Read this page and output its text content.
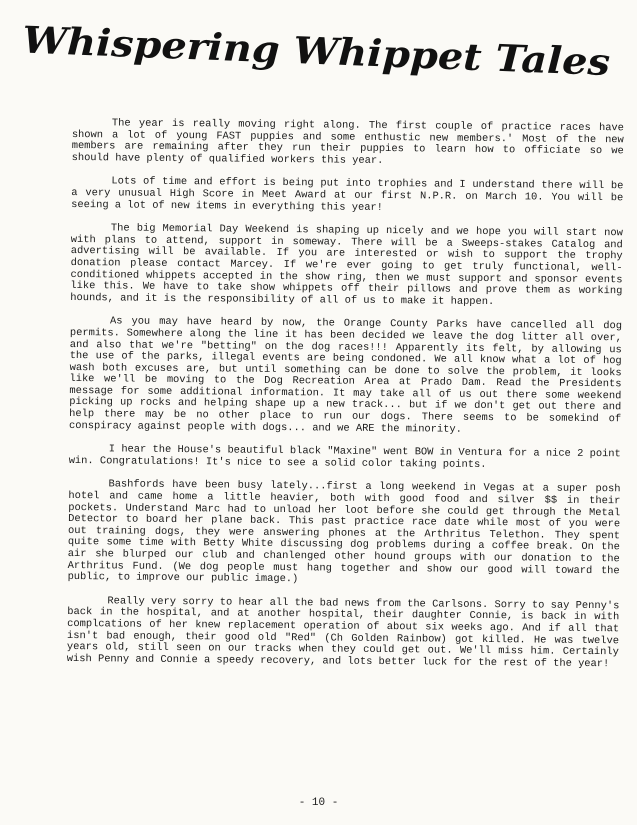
Whispering Whippet Tales

The year is really moving right along. The first couple of practice races have shown a lot of young FAST puppies and some enthustic new members.' Most of the new members are remaining after they run their puppies to learn how to officiate so we should have plenty of qualified workers this year.

Lots of time and effort is being put into trophies and I understand there will be a very unusual High Score in Meet Award at our first N.P.R. on March 10. You will be seeing a lot of new items in everything this year!

The big Memorial Day Weekend is shaping up nicely and we hope you will start now with plans to attend, support in someway. There will be a Sweeps-stakes Catalog and advertising will be available. If you are interested or wish to support the trophy donation please contact Marcey. If we're ever going to get truly functional, well-conditioned whippets accepted in the show ring, then we must support and sponsor events like this. We have to take show whippets off their pillows and prove them as working hounds, and it is the responsibility of all of us to make it happen.

As you may have heard by now, the Orange County Parks have cancelled all dog permits. Somewhere along the line it has been decided we leave the dog litter all over, and also that we're "betting" on the dog races!!! Apparently its felt, by allowing us the use of the parks, illegal events are being condoned. We all know what a lot of hog wash both excuses are, but until something can be done to solve the problem, it looks like we'll be moving to the Dog Recreation Area at Prado Dam. Read the Presidents message for some additional information. It may take all of us out there some weekend picking up rocks and helping shape up a new track... but if we don't get out there and help there may be no other place to run our dogs. There seems to be somekind of conspiracy against people with dogs... and we ARE the minority.

I hear the House's beautiful black "Maxine" went BOW in Ventura for a nice 2 point win. Congratulations! It's nice to see a solid color taking points.

Bashfords have been busy lately...first a long weekend in Vegas at a super posh hotel and came home a little heavier, both with good food and silver $$ in their pockets. Understand Marc had to unload her loot before she could get through the Metal Detector to board her plane back. This past practice race date while most of you were out training dogs, they were answering phones at the Arthritus Telethon. They spent quite some time with Betty White discussing dog problems during a coffee break. On the air she blurped our club and chanlenged other hound groups with our donation to the Arthritus Fund. (We dog people must hang together and show our good will toward the public, to improve our public image.)

Really very sorry to hear all the bad news from the Carlsons. Sorry to say Penny's back in the hospital, and at another hospital, their daughter Connie, is back in with complcations of her knew replacement operation of about six weeks ago. And if all that isn't bad enough, their good old "Red" (Ch Golden Rainbow) got killed. He was twelve years old, still seen on our tracks when they could get out. We'll miss him. Certainly wish Penny and Connie a speedy recovery, and lots better luck for the rest of the year!

- 10 -
